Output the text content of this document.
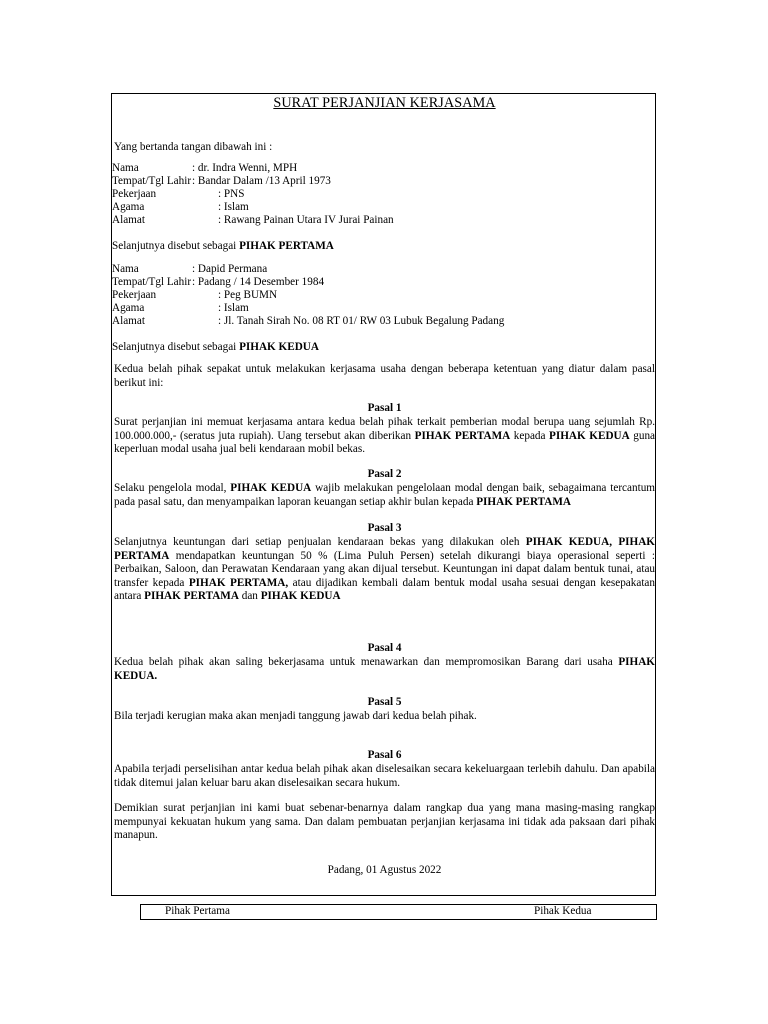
SURAT PERJANJIAN KERJASAMA
Yang bertanda tangan dibawah ini :
Nama	: dr. Indra Wenni, MPH
Tempat/Tgl Lahir : Bandar Dalam /13 April 1973
Pekerjaan	: PNS
Agama	: Islam
Alamat	: Rawang Painan Utara IV Jurai Painan
Selanjutnya disebut sebagai PIHAK PERTAMA
Nama	: Dapid Permana
Tempat/Tgl Lahir : Padang / 14 Desember 1984
Pekerjaan	: Peg BUMN
Agama	: Islam
Alamat	: Jl. Tanah Sirah No. 08 RT 01/ RW 03 Lubuk Begalung Padang
Selanjutnya disebut sebagai PIHAK KEDUA
Kedua belah pihak sepakat untuk melakukan kerjasama usaha dengan beberapa ketentuan yang diatur dalam pasal berikut ini:
Pasal 1
Surat perjanjian ini memuat kerjasama antara kedua belah pihak terkait pemberian modal berupa uang sejumlah Rp. 100.000.000,- (seratus juta rupiah). Uang tersebut akan diberikan PIHAK PERTAMA kepada PIHAK KEDUA guna keperluan modal usaha jual beli kendaraan mobil bekas.
Pasal 2
Selaku pengelola modal, PIHAK KEDUA wajib melakukan pengelolaan modal dengan baik, sebagaimana tercantum pada pasal satu, dan menyampaikan laporan keuangan setiap akhir bulan kepada PIHAK PERTAMA
Pasal 3
Selanjutnya keuntungan dari setiap penjualan kendaraan bekas yang dilakukan oleh PIHAK KEDUA, PIHAK PERTAMA mendapatkan keuntungan 50 % (Lima Puluh Persen) setelah dikurangi biaya operasional seperti : Perbaikan, Saloon, dan Perawatan Kendaraan yang akan dijual tersebut. Keuntungan ini dapat dalam bentuk tunai, atau transfer kepada PIHAK PERTAMA, atau dijadikan kembali dalam bentuk modal usaha sesuai dengan kesepakatan antara PIHAK PERTAMA dan PIHAK KEDUA
Pasal 4
Kedua belah pihak akan saling bekerjasama untuk menawarkan dan mempromosikan Barang dari usaha PIHAK KEDUA.
Pasal 5
Bila terjadi kerugian maka akan menjadi tanggung jawab dari kedua belah pihak.
Pasal 6
Apabila terjadi perselisihan antar kedua belah pihak akan diselesaikan secara kekeluargaan terlebih dahulu. Dan apabila tidak ditemui jalan keluar baru akan diselesaikan secara hukum.
Demikian surat perjanjian ini kami buat sebenar-benarnya dalam rangkap dua yang mana masing-masing rangkap mempunyai kekuatan hukum yang sama. Dan dalam pembuatan perjanjian kerjasama ini tidak ada paksaan dari pihak manapun.
Padang, 01 Agustus 2022
Pihak Pertama	Pihak Kedua
